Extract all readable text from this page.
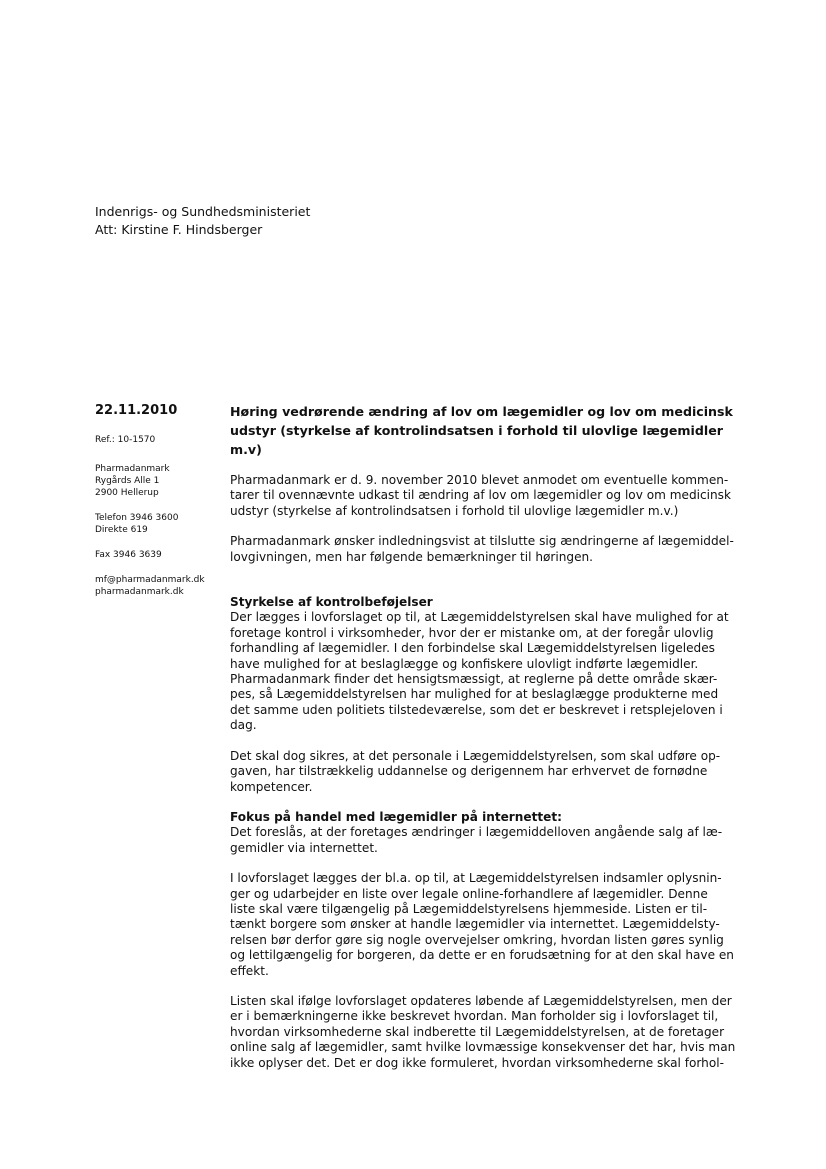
Indenrigs- og Sundhedsministeriet
Att: Kirstine F. Hindsberger
22.11.2010
Ref.: 10-1570
Pharmadanmark
Rygårds Alle 1
2900 Hellerup
Telefon 3946 3600
Direkte 619
Fax 3946 3639
mf@pharmadanmark.dk
pharmadanmark.dk
Høring vedrørende ændring af lov om lægemidler og lov om medicinsk
udstyr (styrkelse af kontrolindsatsen i forhold til ulovlige lægemidler
m.v)
Pharmadanmark er d. 9. november 2010 blevet anmodet om eventuelle kommen-
tarer til ovennævnte udkast til ændring af lov om lægemidler og lov om medicinsk
udstyr (styrkelse af kontrolindsatsen i forhold til ulovlige lægemidler m.v.)
Pharmadanmark ønsker indledningsvist at tilslutte sig ændringerne af lægemiddel-
lovgivningen, men har følgende bemærkninger til høringen.
Styrkelse af kontrolbeføjelser
Der lægges i lovforslaget op til, at Lægemiddelstyrelsen skal have mulighed for at
foretage kontrol i virksomheder, hvor der er mistanke om, at der foregår ulovlig
forhandling af lægemidler. I den forbindelse skal Lægemiddelstyrelsen ligeledes
have mulighed for at beslaglægge og konfiskere ulovligt indførte lægemidler.
Pharmadanmark finder det hensigtsmæssigt, at reglerne på dette område skær-
pes, så Lægemiddelstyrelsen har mulighed for at beslaglægge produkterne med
det samme uden politiets tilstedeværelse, som det er beskrevet i retsplejeloven i
dag.
Det skal dog sikres, at det personale i Lægemiddelstyrelsen, som skal udføre op-
gaven, har tilstrækkelig uddannelse og derigennem har erhvervet de fornødne
kompetencer.
Fokus på handel med lægemidler på internettet:
Det foreslås, at der foretages ændringer i lægemiddelloven angående salg af læ-
gemidler via internettet.
I lovforslaget lægges der bl.a. op til, at Lægemiddelstyrelsen indsamler oplysnin-
ger og udarbejder en liste over legale online-forhandlere af lægemidler. Denne
liste skal være tilgængelig på Lægemiddelstyrelsens hjemmeside. Listen er til-
tænkt borgere som ønsker at handle lægemidler via internettet. Lægemiddelsty-
relsen bør derfor gøre sig nogle overvejelser omkring, hvordan listen gøres synlig
og lettilgængelig for borgeren, da dette er en forudsætning for at den skal have en
effekt.
Listen skal ifølge lovforslaget opdateres løbende af Lægemiddelstyrelsen, men der
er i bemærkningerne ikke beskrevet hvordan. Man forholder sig i lovforslaget til,
hvordan virksomhederne skal indberette til Lægemiddelstyrelsen, at de foretager
online salg af lægemidler, samt hvilke lovmæssige konsekvenser det har, hvis man
ikke oplyser det. Det er dog ikke formuleret, hvordan virksomhederne skal forhol-
